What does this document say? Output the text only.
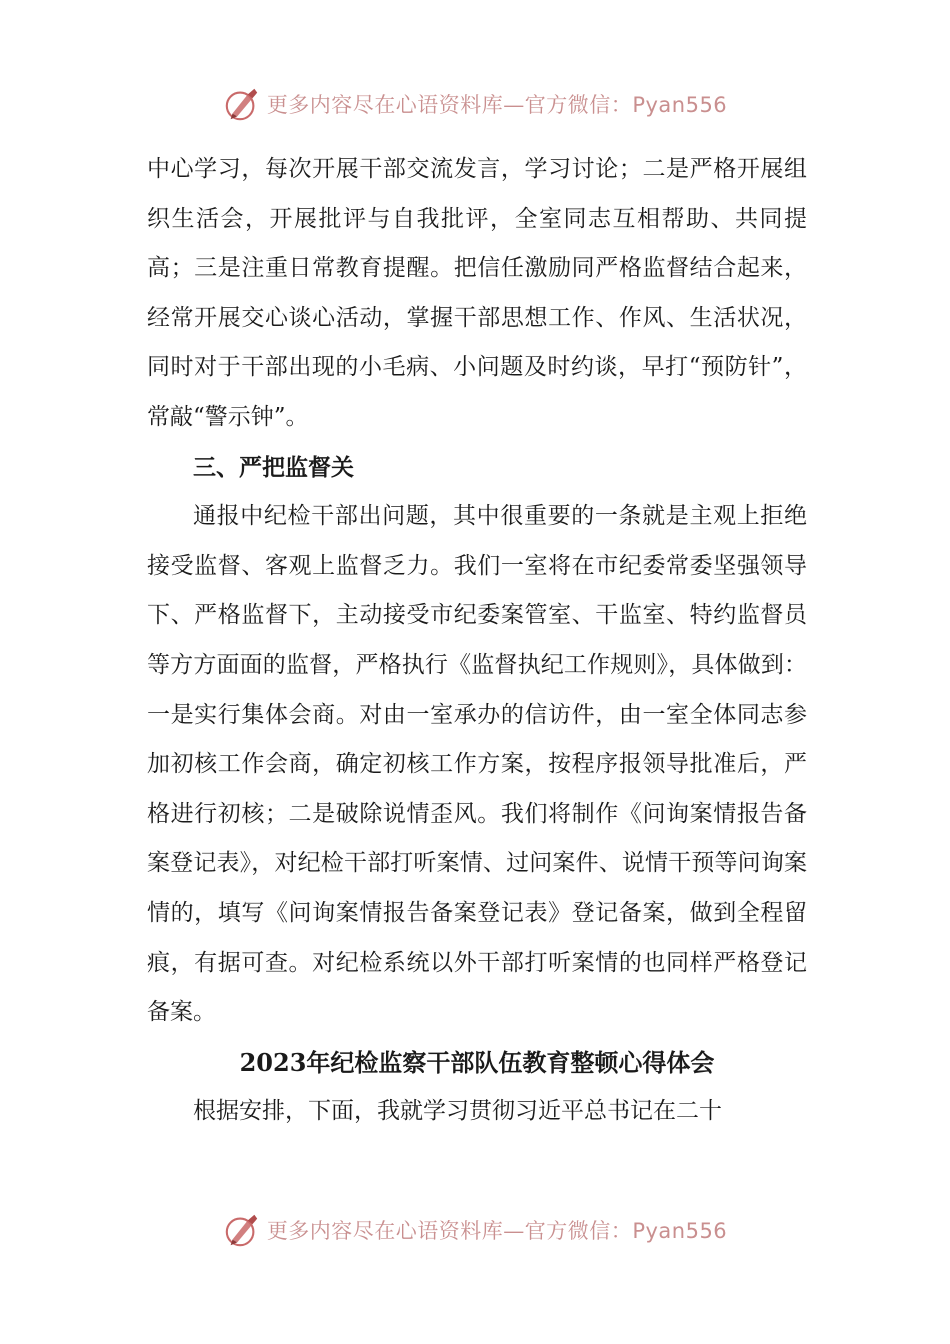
更多内容尽在心语资料库—官方微信：Pyan556

中心学习，每次开展干部交流发言，学习讨论；二是严格开展组织生活会，开展批评与自我批评，全室同志互相帮助、共同提高；三是注重日常教育提醒。把信任激励同严格监督结合起来，经常开展交心谈心活动，掌握干部思想工作、作风、生活状况，同时对于干部出现的小毛病、小问题及时约谈，早打“预防针”，常敲“警示钟”。

三、严把监督关

通报中纪检干部出问题，其中很重要的一条就是主观上拒绝接受监督、客观上监督乏力。我们一室将在市纪委常委坚强领导下、严格监督下，主动接受市纪委案管室、干监室、特约监督员等方方面面的监督，严格执行《监督执纪工作规则》，具体做到：一是实行集体会商。对由一室承办的信访件，由一室全体同志参加初核工作会商，确定初核工作方案，按程序报领导批准后，严格进行初核；二是破除说情歪风。我们将制作《问询案情报告备案登记表》，对纪检干部打听案情、过问案件、说情干预等问询案情的，填写《问询案情报告备案登记表》登记备案，做到全程留痕，有据可查。对纪检系统以外干部打听案情的也同样严格登记备案。

2023年纪检监察干部队伍教育整顿心得体会

根据安排，下面，我就学习贯彻习近平总书记在二十

更多内容尽在心语资料库—官方微信：Pyan556
